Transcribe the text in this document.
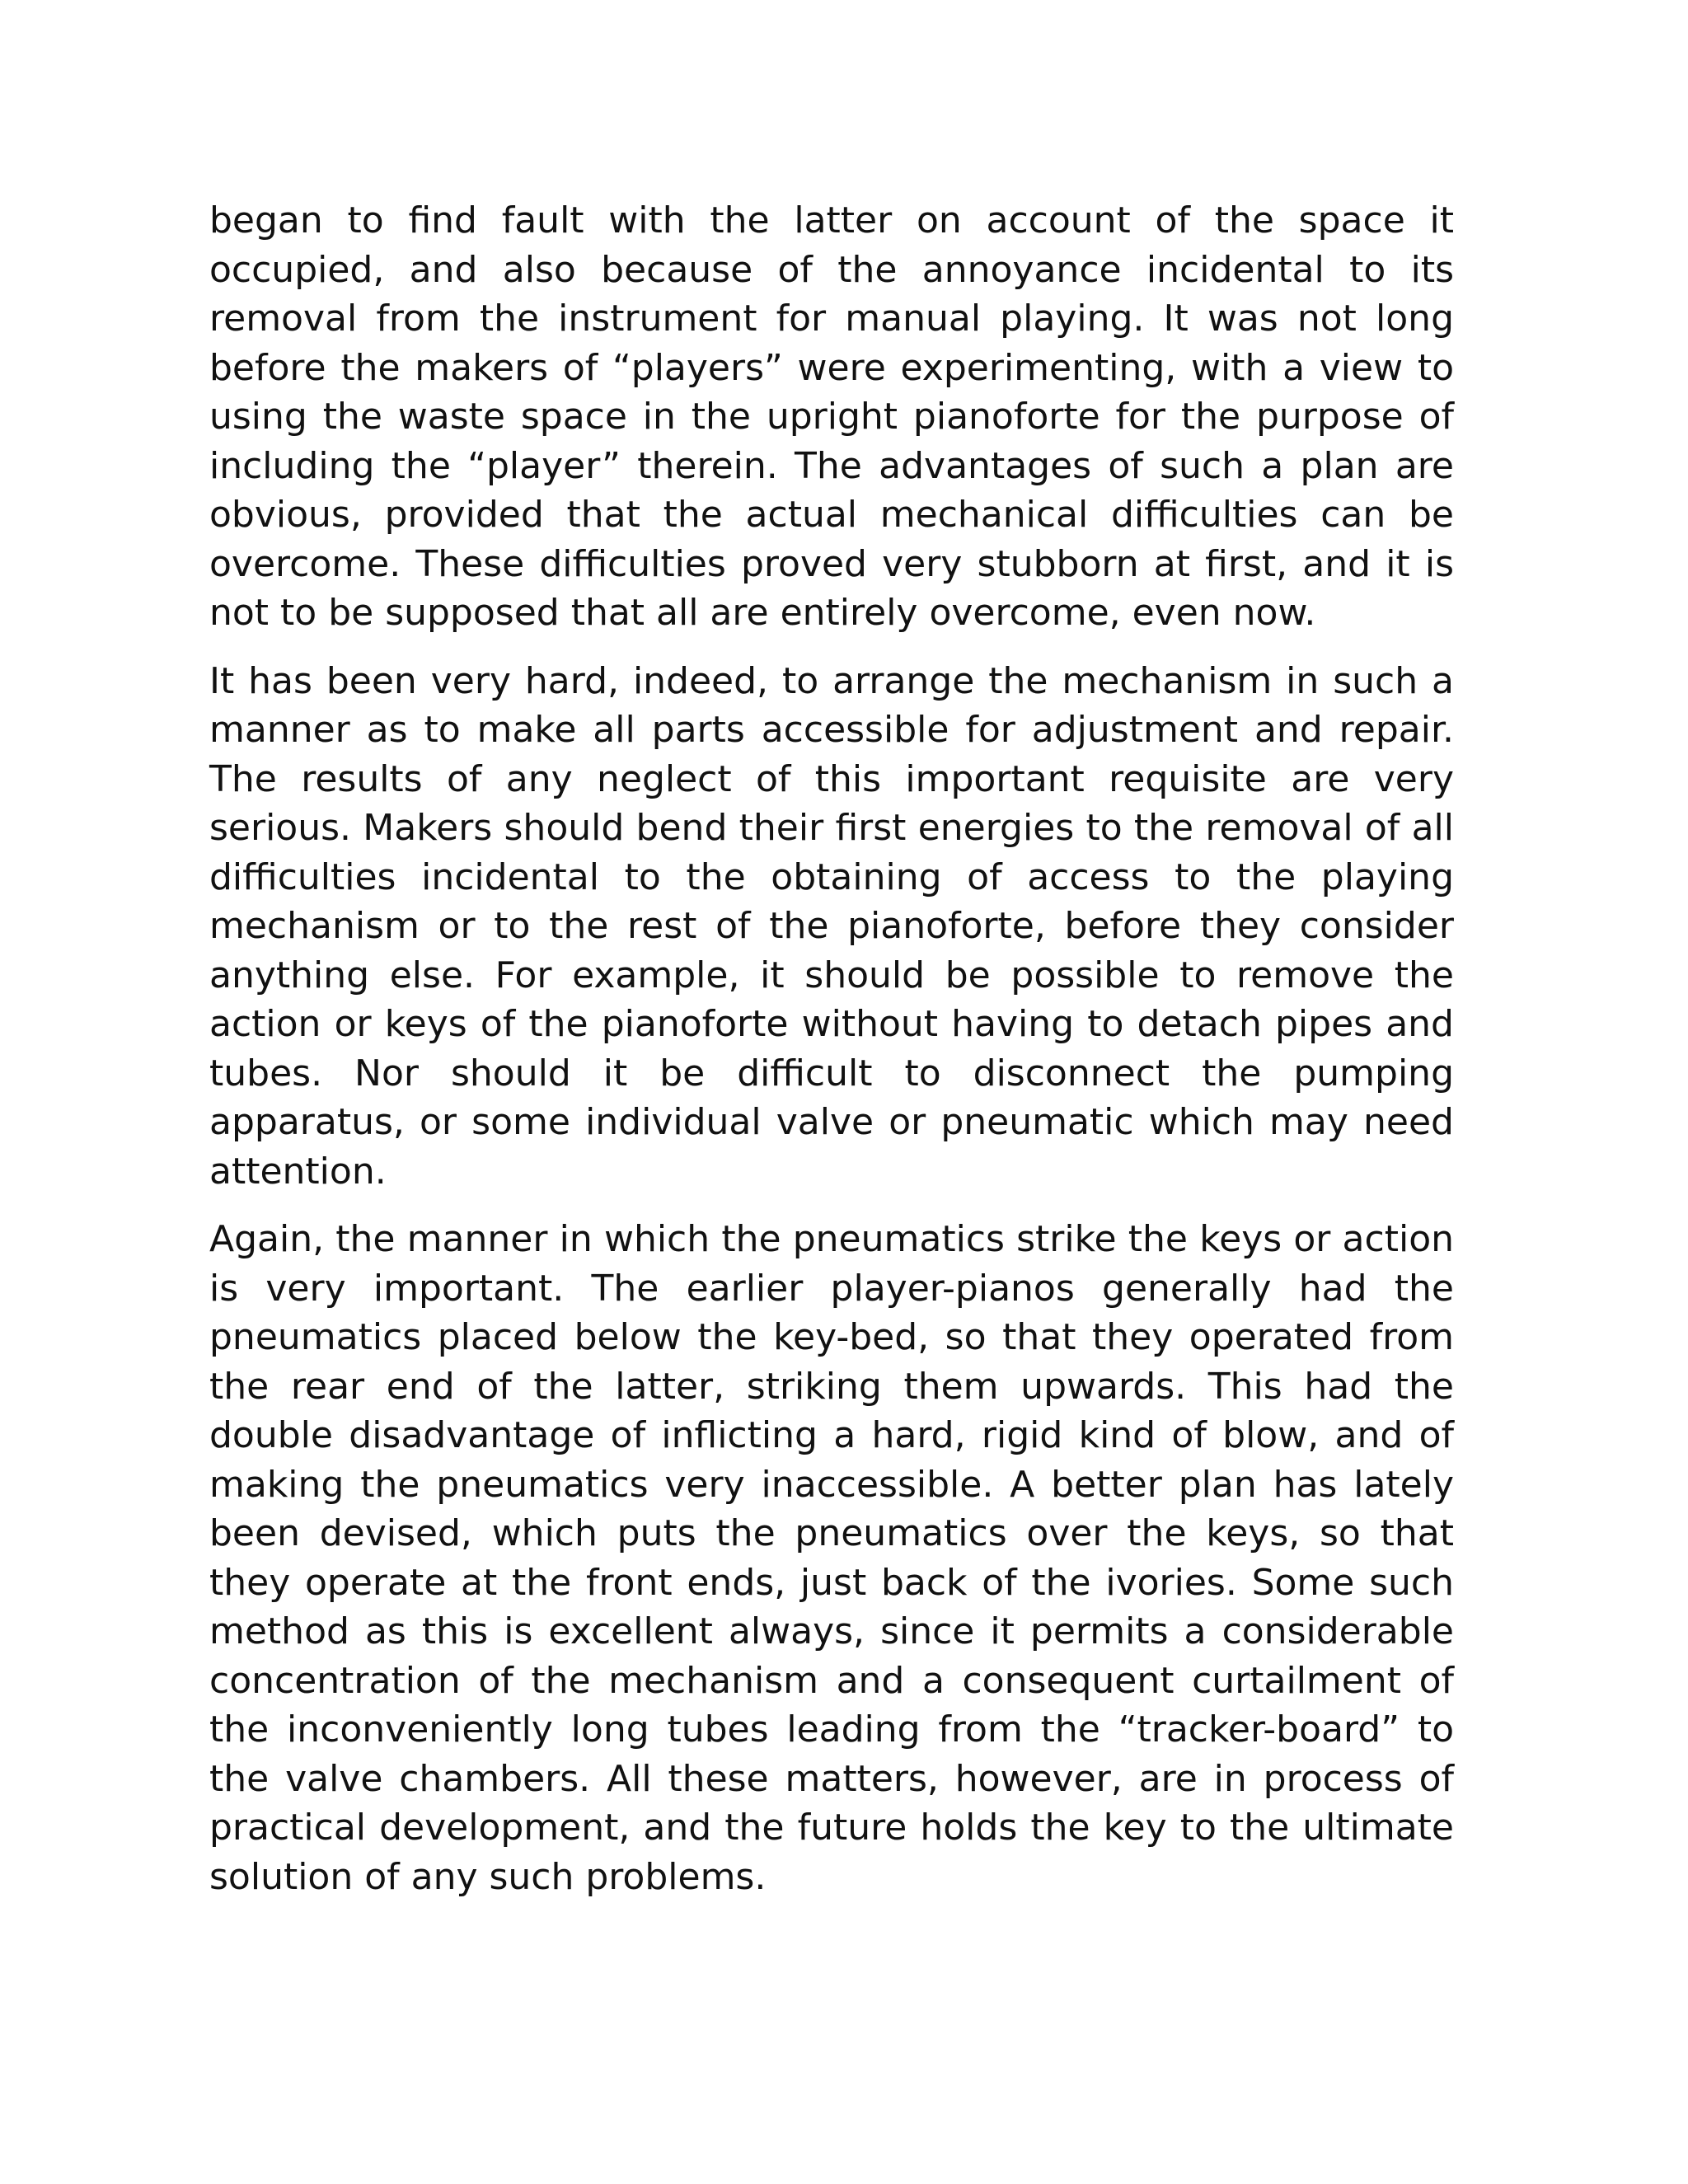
began to find fault with the latter on account of the space it occupied, and also because of the annoyance incidental to its removal from the instrument for manual playing. It was not long before the makers of “players” were experimenting, with a view to using the waste space in the upright pianoforte for the purpose of including the “player” therein. The advantages of such a plan are obvious, provided that the actual mechanical difficulties can be overcome. These difficulties proved very stubborn at first, and it is not to be supposed that all are entirely overcome, even now.

It has been very hard, indeed, to arrange the mechanism in such a manner as to make all parts accessible for adjustment and repair. The results of any neglect of this important requisite are very serious. Makers should bend their first energies to the removal of all difficulties incidental to the obtaining of access to the playing mechanism or to the rest of the pianoforte, before they consider anything else. For example, it should be possible to remove the action or keys of the pianoforte without having to detach pipes and tubes. Nor should it be difficult to disconnect the pumping apparatus, or some individual valve or pneumatic which may need attention.

Again, the manner in which the pneumatics strike the keys or action is very important. The earlier player-pianos generally had the pneumatics placed below the key-bed, so that they operated from the rear end of the latter, striking them upwards. This had the double disadvantage of inflicting a hard, rigid kind of blow, and of making the pneumatics very inaccessible. A better plan has lately been devised, which puts the pneumatics over the keys, so that they operate at the front ends, just back of the ivories. Some such method as this is excellent always, since it permits a considerable concentration of the mechanism and a consequent curtailment of the inconveniently long tubes leading from the “tracker-board” to the valve chambers. All these matters, however, are in process of practical development, and the future holds the key to the ultimate solution of any such problems.
